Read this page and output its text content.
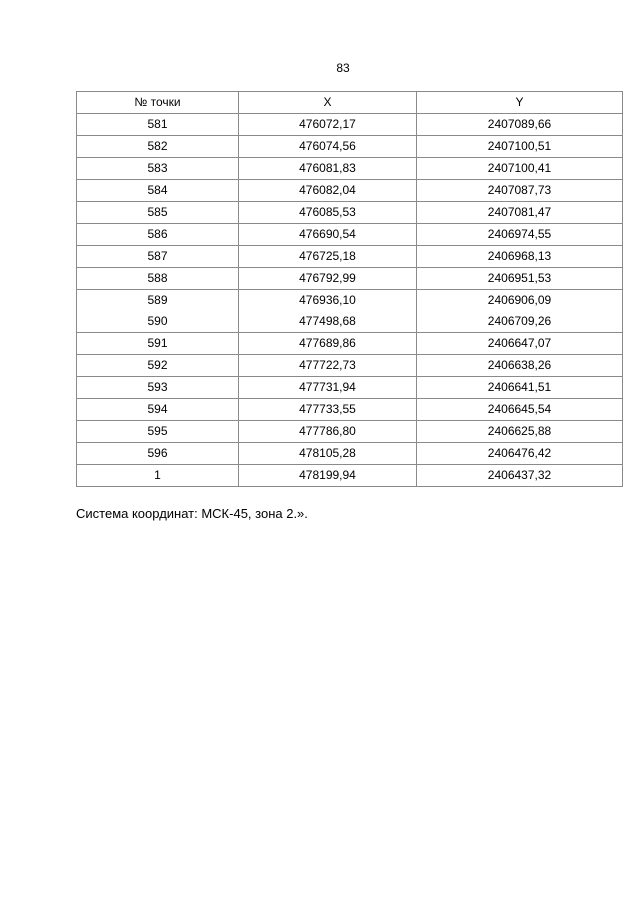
83
№ точки	X	Y
581	476072,17	2407089,66
582	476074,56	2407100,51
583	476081,83	2407100,41
584	476082,04	2407087,73
585	476085,53	2407081,47
586	476690,54	2406974,55
587	476725,18	2406968,13
588	476792,99	2406951,53
589	476936,10	2406906,09
590	477498,68	2406709,26
591	477689,86	2406647,07
592	477722,73	2406638,26
593	477731,94	2406641,51
594	477733,55	2406645,54
595	477786,80	2406625,88
596	478105,28	2406476,42
1	478199,94	2406437,32
Система координат: МСК-45, зона 2.».
